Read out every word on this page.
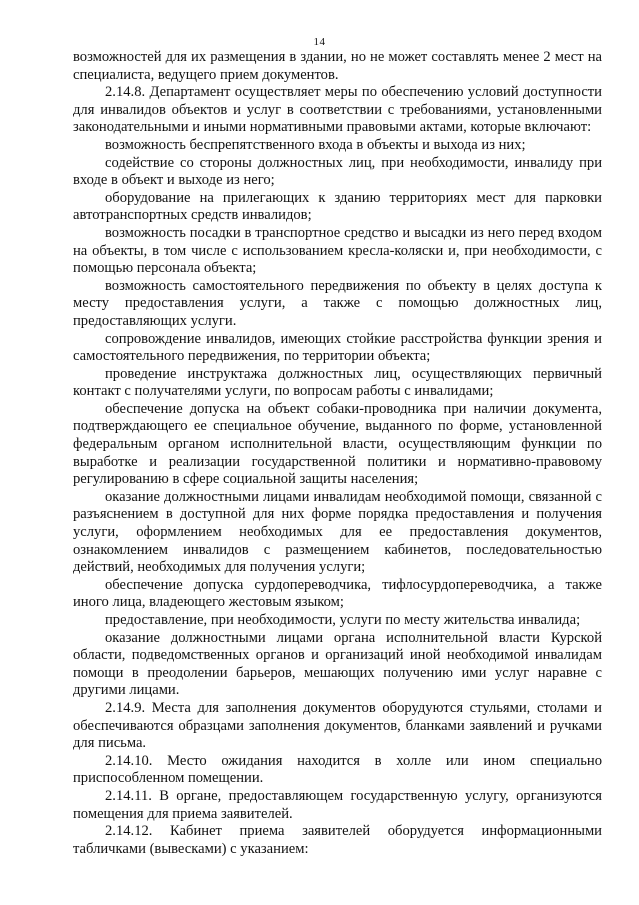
14

возможностей для их размещения в здании, но не может составлять менее 2 мест на специалиста, ведущего прием документов.

2.14.8. Департамент осуществляет меры по обеспечению условий доступности для инвалидов объектов и услуг в соответствии с требованиями, установленными законодательными и иными нормативными правовыми актами, которые включают:

возможность беспрепятственного входа в объекты и выхода из них;

содействие со стороны должностных лиц, при необходимости, инвалиду при входе в объект и выходе из него;

оборудование на прилегающих к зданию территориях мест для парковки автотранспортных средств инвалидов;

возможность посадки в транспортное средство и высадки из него перед входом на объекты, в том числе с использованием кресла-коляски и, при необходимости, с помощью персонала объекта;

возможность самостоятельного передвижения по объекту в целях доступа к месту предоставления услуги, а также с помощью должностных лиц, предоставляющих услуги.

сопровождение инвалидов, имеющих стойкие расстройства функции зрения и самостоятельного передвижения, по территории объекта;

проведение инструктажа должностных лиц, осуществляющих первичный контакт с получателями услуги, по вопросам работы с инвалидами;

обеспечение допуска на объект собаки-проводника при наличии документа, подтверждающего ее специальное обучение, выданного по форме, установленной федеральным органом исполнительной власти, осуществляющим функции по выработке и реализации государственной политики и нормативно-правовому регулированию в сфере социальной защиты населения;

оказание должностными лицами инвалидам необходимой помощи, связанной с разъяснением в доступной для них форме порядка предоставления и получения услуги, оформлением необходимых для ее предоставления документов, ознакомлением инвалидов с размещением кабинетов, последовательностью действий, необходимых для получения услуги;

обеспечение допуска сурдопереводчика, тифлосурдопереводчика, а также иного лица, владеющего жестовым языком;

предоставление, при необходимости, услуги по месту жительства инвалида;

оказание должностными лицами органа исполнительной власти Курской области, подведомственных органов и организаций иной необходимой инвалидам помощи в преодолении барьеров, мешающих получению ими услуг наравне с другими лицами.

2.14.9. Места для заполнения документов оборудуются стульями, столами и обеспечиваются образцами заполнения документов, бланками заявлений и ручками для письма.

2.14.10. Место ожидания находится в холле или ином специально приспособленном помещении.

2.14.11. В органе, предоставляющем государственную услугу, организуются помещения для приема заявителей.

2.14.12. Кабинет приема заявителей оборудуется информационными табличками (вывесками) с указанием:
